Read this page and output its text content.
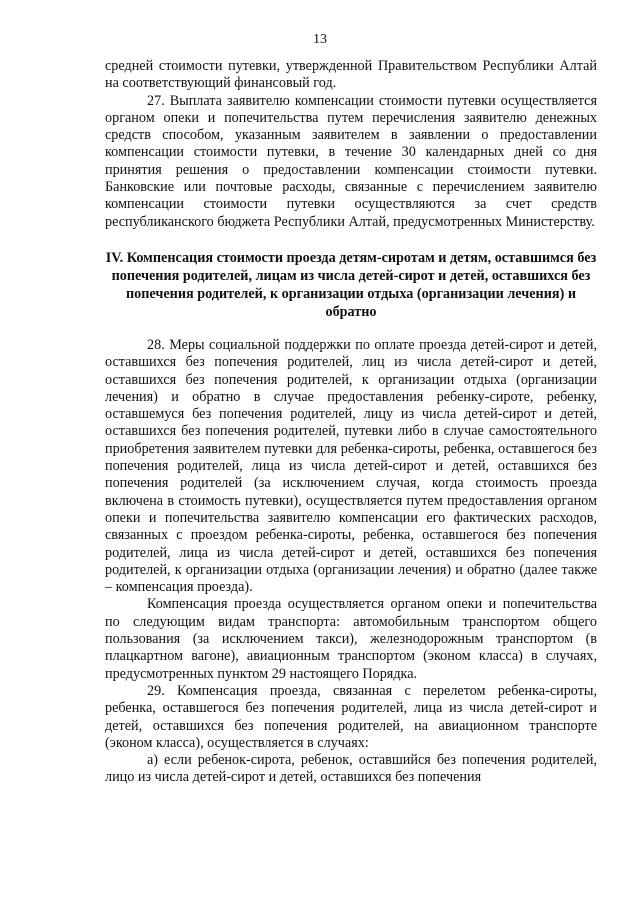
13

средней стоимости путевки, утвержденной Правительством Республики Алтай на соответствующий финансовый год.

27. Выплата заявителю компенсации стоимости путевки осуществляется органом опеки и попечительства путем перечисления заявителю денежных средств способом, указанным заявителем в заявлении о предоставлении компенсации стоимости путевки, в течение 30 календарных дней со дня принятия решения о предоставлении компенсации стоимости путевки. Банковские или почтовые расходы, связанные с перечислением заявителю компенсации стоимости путевки осуществляются за счет средств республиканского бюджета Республики Алтай, предусмотренных Министерству.

IV. Компенсация стоимости проезда детям-сиротам и детям, оставшимся без попечения родителей, лицам из числа детей-сирот и детей, оставшихся без попечения родителей, к организации отдыха (организации лечения) и обратно

28. Меры социальной поддержки по оплате проезда детей-сирот и детей, оставшихся без попечения родителей, лиц из числа детей-сирот и детей, оставшихся без попечения родителей, к организации отдыха (организации лечения) и обратно в случае предоставления ребенку-сироте, ребенку, оставшемуся без попечения родителей, лицу из числа детей-сирот и детей, оставшихся без попечения родителей, путевки либо в случае самостоятельного приобретения заявителем путевки для ребенка-сироты, ребенка, оставшегося без попечения родителей, лица из числа детей-сирот и детей, оставшихся без попечения родителей (за исключением случая, когда стоимость проезда включена в стоимость путевки), осуществляется путем предоставления органом опеки и попечительства заявителю компенсации его фактических расходов, связанных с проездом ребенка-сироты, ребенка, оставшегося без попечения родителей, лица из числа детей-сирот и детей, оставшихся без попечения родителей, к организации отдыха (организации лечения) и обратно (далее также – компенсация проезда).

Компенсация проезда осуществляется органом опеки и попечительства по следующим видам транспорта: автомобильным транспортом общего пользования (за исключением такси), железнодорожным транспортом (в плацкартном вагоне), авиационным транспортом (эконом класса) в случаях, предусмотренных пунктом 29 настоящего Порядка.

29. Компенсация проезда, связанная с перелетом ребенка-сироты, ребенка, оставшегося без попечения родителей, лица из числа детей-сирот и детей, оставшихся без попечения родителей, на авиационном транспорте (эконом класса), осуществляется в случаях:

а) если ребенок-сирота, ребенок, оставшийся без попечения родителей, лицо из числа детей-сирот и детей, оставшихся без попечения
